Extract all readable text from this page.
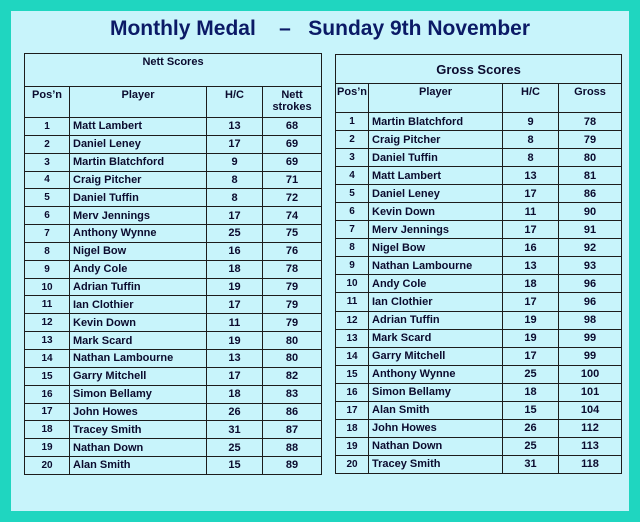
Monthly Medal    –   Sunday 9th November
Nett Scores			
Pos’n	Player	H/C	Nett strokes
1	Matt Lambert	13	68
2	Daniel Leney	17	69
3	Martin Blatchford	9	69
4	Craig Pitcher	8	71
5	Daniel Tuffin	8	72
6	Merv Jennings	17	74
7	Anthony Wynne	25	75
8	Nigel Bow	16	76
9	Andy Cole	18	78
10	Adrian Tuffin	19	79
11	Ian Clothier	17	79
12	Kevin Down	11	79
13	Mark Scard	19	80
14	Nathan Lambourne	13	80
15	Garry Mitchell	17	82
16	Simon Bellamy	18	83
17	John Howes	26	86
18	Tracey Smith	31	87
19	Nathan Down	25	88
20	Alan Smith	15	89
Gross Scores			
Pos’n	Player	H/C	Gross
1	Martin Blatchford	9	78
2	Craig Pitcher	8	79
3	Daniel Tuffin	8	80
4	Matt Lambert	13	81
5	Daniel Leney	17	86
6	Kevin Down	11	90
7	Merv Jennings	17	91
8	Nigel Bow	16	92
9	Nathan Lambourne	13	93
10	Andy Cole	18	96
11	Ian Clothier	17	96
12	Adrian Tuffin	19	98
13	Mark Scard	19	99
14	Garry Mitchell	17	99
15	Anthony Wynne	25	100
16	Simon Bellamy	18	101
17	Alan Smith	15	104
18	John Howes	26	112
19	Nathan Down	25	113
20	Tracey Smith	31	118
